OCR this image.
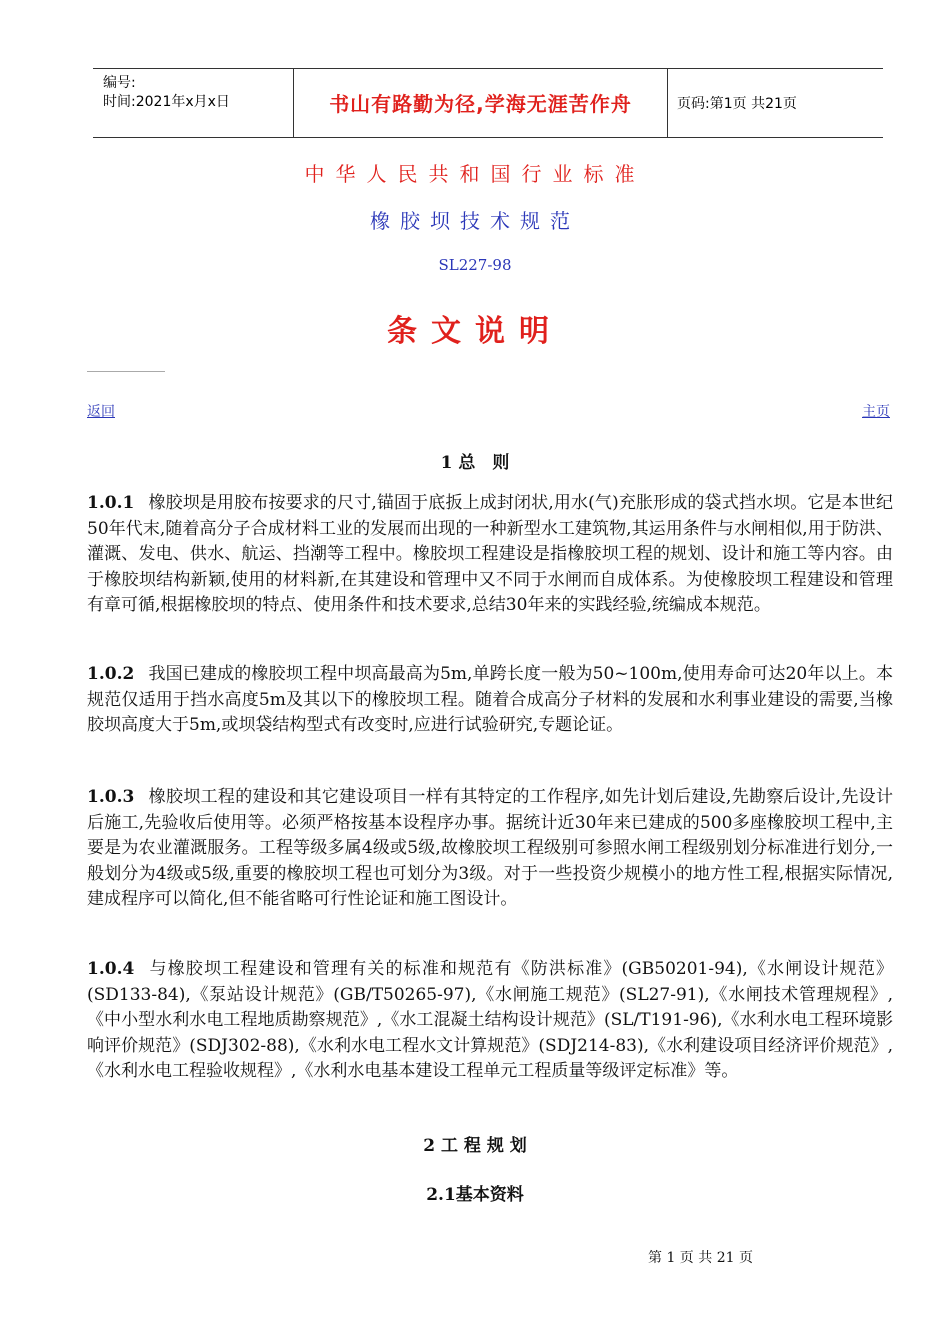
编号:
时间:2021年x月x日	书山有路勤为径,学海无涯苦作舟	页码:第1页 共21页
中华人民共和国行业标准
橡胶坝技术规范
SL227-98
条文说明
返回	主页
1 总　则
1.0.1 橡胶坝是用胶布按要求的尺寸,锚固于底扳上成封闭状,用水(气)充胀形成的袋式挡水坝。它是本世纪50年代末,随着高分子合成材料工业的发展而出现的一种新型水工建筑物,其运用条件与水闸相似,用于防洪、灌溉、发电、供水、航运、挡潮等工程中。橡胶坝工程建设是指橡胶坝工程的规划、设计和施工等内容。由于橡胶坝结构新颖,使用的材料新,在其建设和管理中又不同于水闸而自成体系。为使橡胶坝工程建设和管理有章可循,根据橡胶坝的特点、使用条件和技术要求,总结30年来的实践经验,统编成本规范。
1.0.2 我国已建成的橡胶坝工程中坝高最高为5m,单跨长度一般为50~100m,使用寿命可达20年以上。本规范仅适用于挡水高度5m及其以下的橡胶坝工程。随着合成高分子材料的发展和水利事业建设的需要,当橡胶坝高度大于5m,或坝袋结构型式有改变时,应进行试验研究,专题论证。
1.0.3 橡胶坝工程的建设和其它建设项目一样有其特定的工作程序,如先计划后建设,先勘察后设计,先设计后施工,先验收后使用等。必须严格按基本设程序办事。据统计近30年来已建成的500多座橡胶坝工程中,主要是为农业灌溉服务。工程等级多属4级或5级,故橡胶坝工程级别可参照水闸工程级别划分标准进行划分,一般划分为4级或5级,重要的橡胶坝工程也可划分为3级。对于一些投资少规模小的地方性工程,根据实际情况,建成程序可以简化,但不能省略可行性论证和施工图设计。
1.0.4 与橡胶坝工程建设和管理有关的标准和规范有《防洪标准》(GB50201-94),《水闸设计规范》(SD133-84),《泵站设计规范》(GB/T50265-97),《水闸施工规范》(SL27-91),《水闸技术管理规程》,《中小型水利水电工程地质勘察规范》,《水工混凝土结构设计规范》(SL/T191-96),《水利水电工程环境影响评价规范》(SDJ302-88),《水利水电工程水文计算规范》(SDJ214-83),《水利建设项目经济评价规范》,《水利水电工程验收规程》,《水利水电基本建设工程单元工程质量等级评定标准》等。
2 工 程 规 划
2.1基本资料
第 1 页 共 21 页
